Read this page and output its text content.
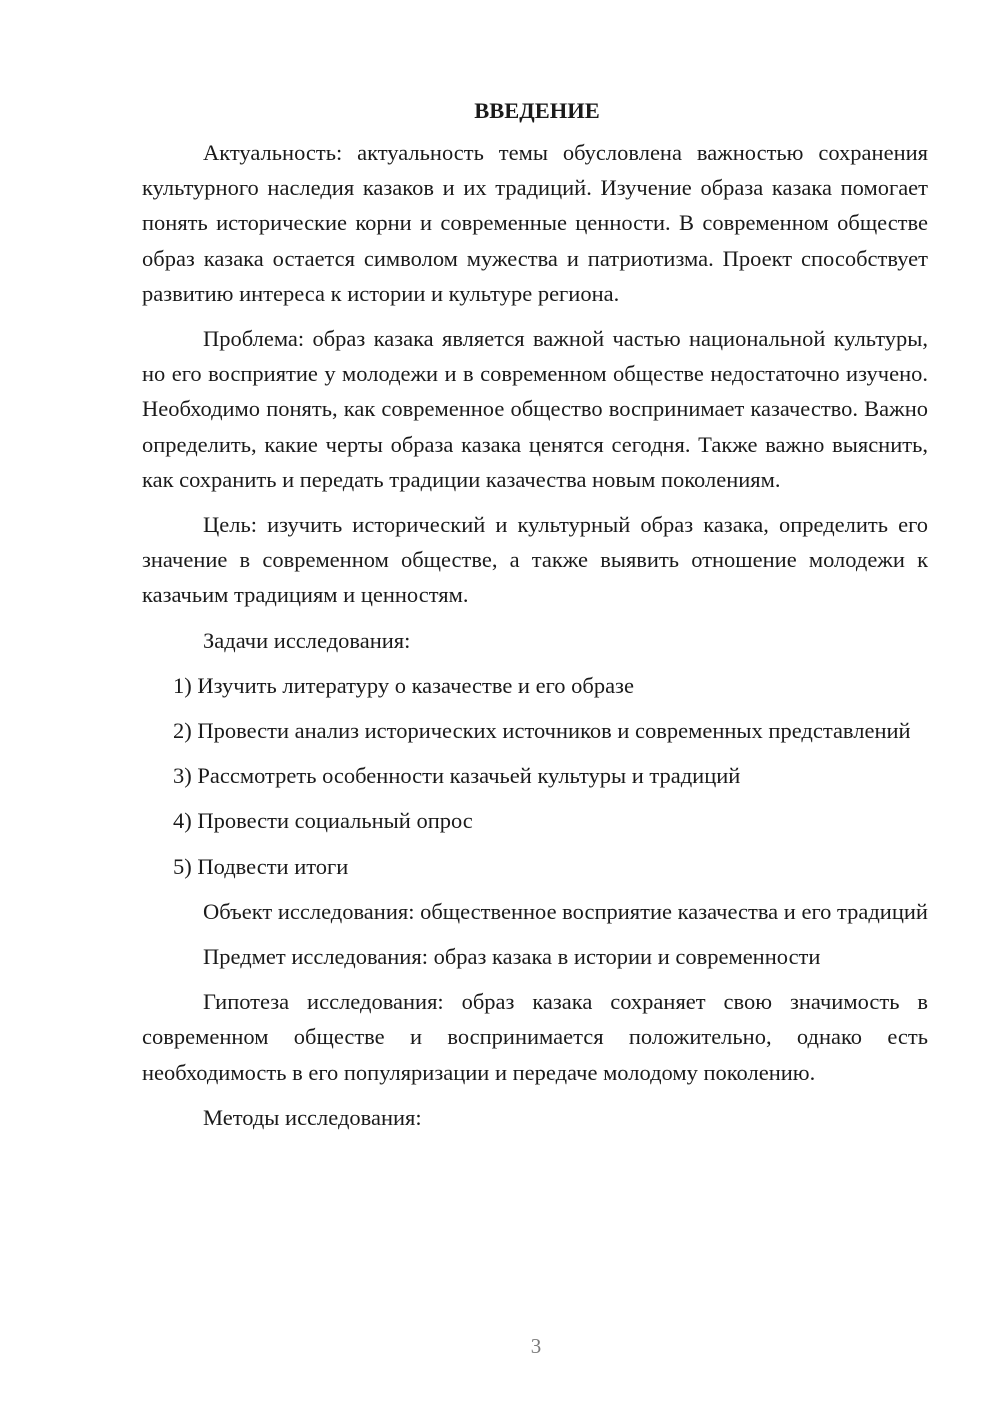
ВВЕДЕНИЕ

Актуальность: актуальность темы обусловлена важностью сохранения культурного наследия казаков и их традиций. Изучение образа казака помогает понять исторические корни и современные ценности. В современном обществе образ казака остается символом мужества и патриотизма. Проект способствует развитию интереса к истории и культуре региона.

Проблема: образ казака является важной частью национальной культуры, но его восприятие у молодежи и в современном обществе недостаточно изучено. Необходимо понять, как современное общество воспринимает казачество. Важно определить, какие черты образа казака ценятся сегодня. Также важно выяснить, как сохранить и передать традиции казачества новым поколениям.

Цель: изучить исторический и культурный образ казака, определить его значение в современном обществе, а также выявить отношение молодежи к казачьим традициям и ценностям.

Задачи исследования:

1) Изучить литературу о казачестве и его образе

2) Провести анализ исторических источников и современных представлений

3) Рассмотреть особенности казачьей культуры и традиций

4) Провести социальный опрос

5) Подвести итоги

Объект исследования: общественное восприятие казачества и его традиций

Предмет исследования: образ казака в истории и современности

Гипотеза исследования: образ казака сохраняет свою значимость в современном обществе и воспринимается положительно, однако есть необходимость в его популяризации и передаче молодому поколению.

Методы исследования:

3
